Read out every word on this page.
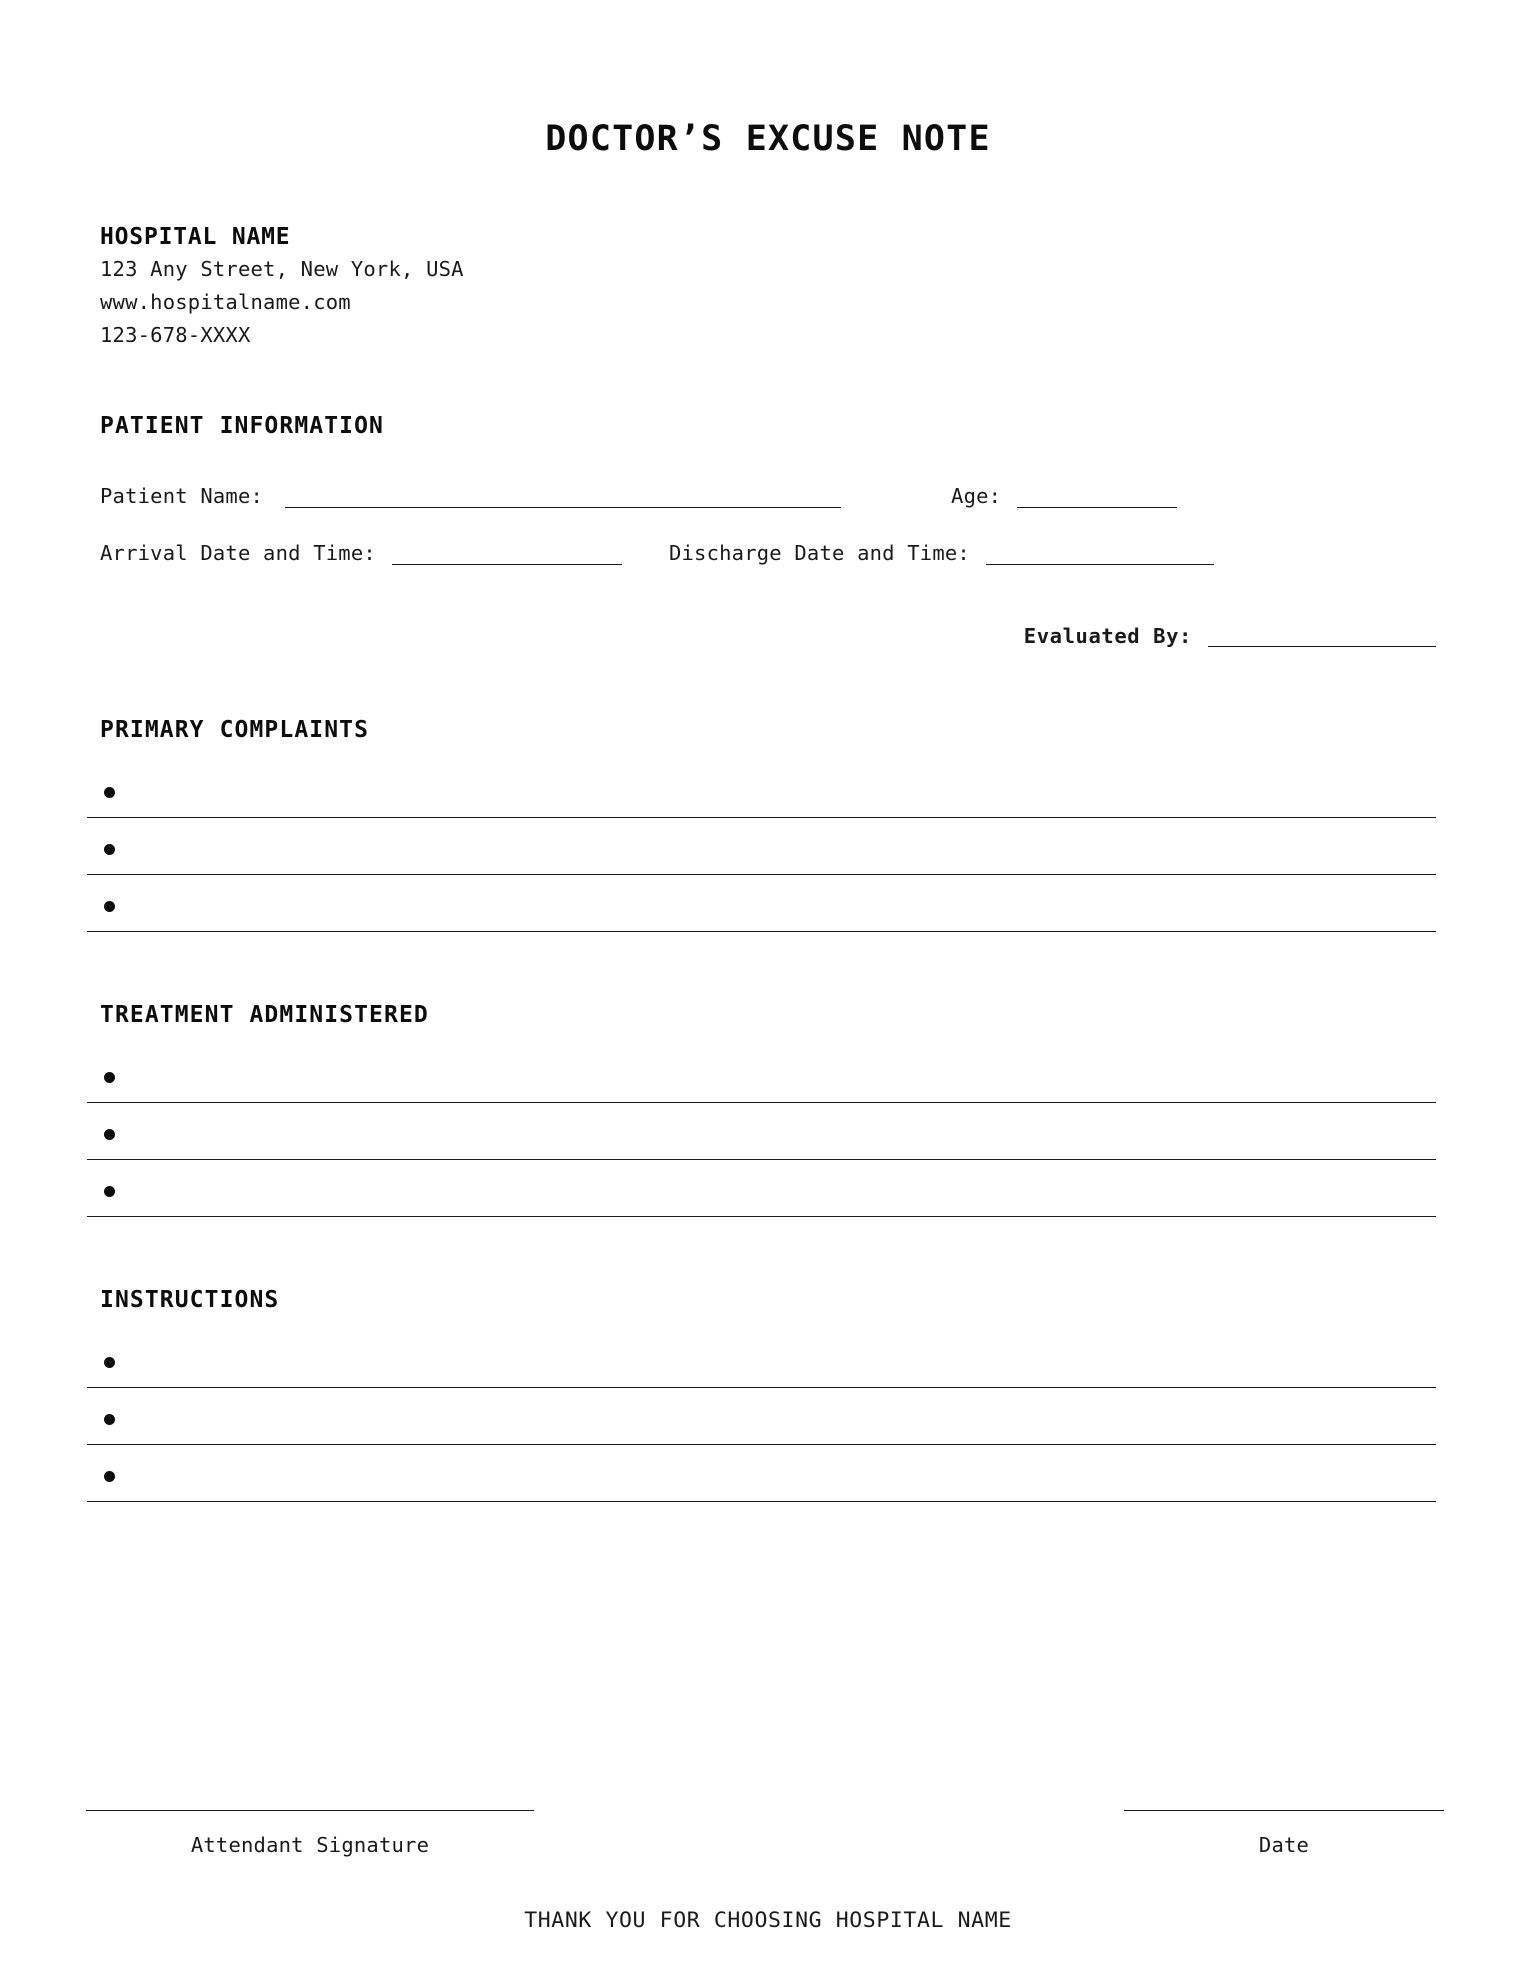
DOCTOR’S EXCUSE NOTE
HOSPITAL NAME
123 Any Street, New York, USA
www.hospitalname.com
123-678-XXXX
PATIENT INFORMATION
Patient Name:	Age:
Arrival Date and Time:	Discharge Date and Time:
Evaluated By:
PRIMARY COMPLAINTS
TREATMENT ADMINISTERED
INSTRUCTIONS
Attendant Signature	Date
THANK YOU FOR CHOOSING HOSPITAL NAME
